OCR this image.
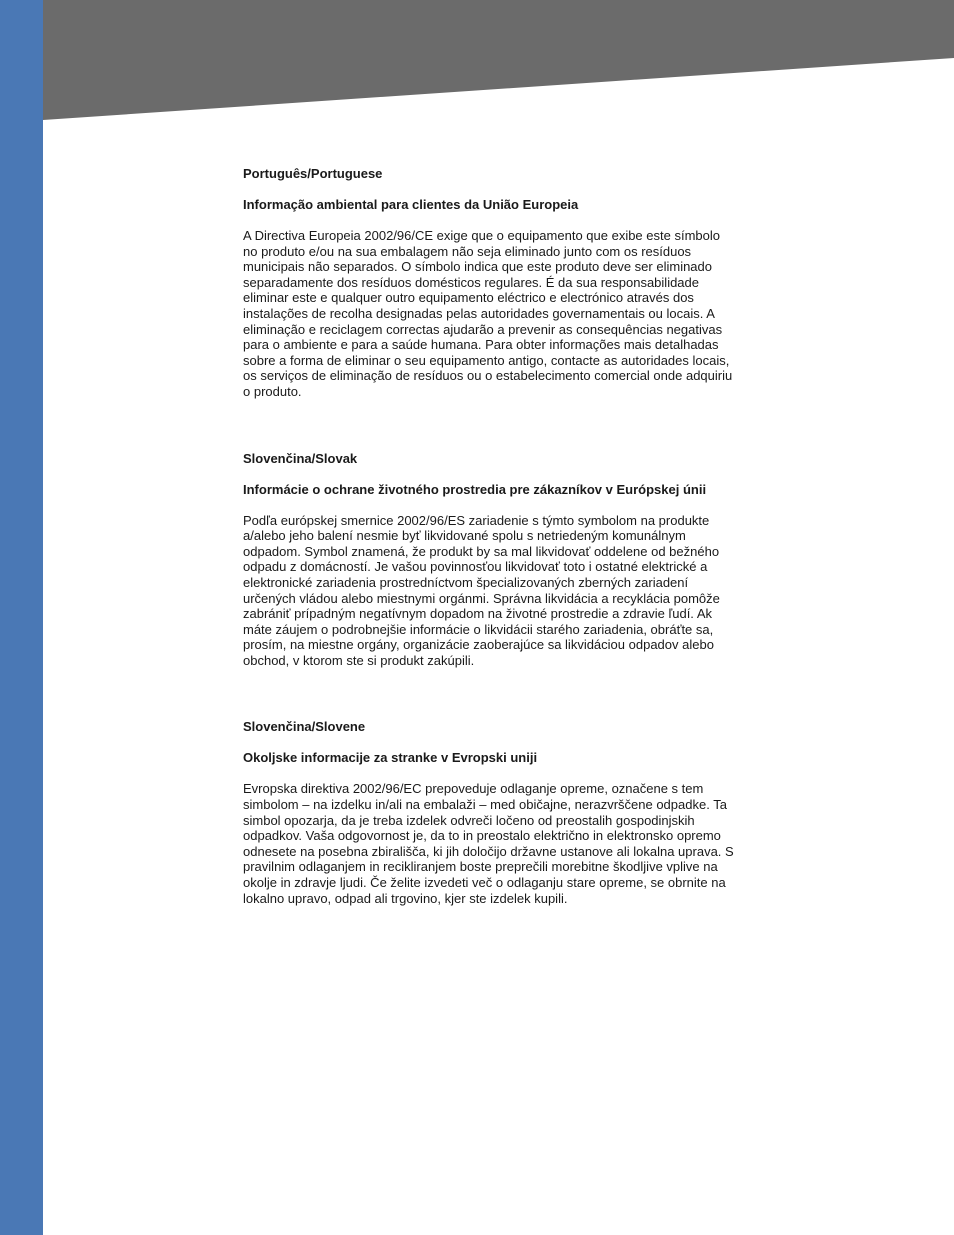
Português/Portuguese

Informação ambiental para clientes da União Europeia

A Directiva Europeia 2002/96/CE exige que o equipamento que exibe este símbolo no produto e/ou na sua embalagem não seja eliminado junto com os resíduos municipais não separados. O símbolo indica que este produto deve ser eliminado separadamente dos resíduos domésticos regulares. É da sua responsabilidade eliminar este e qualquer outro equipamento eléctrico e electrónico através dos instalações de recolha designadas pelas autoridades governamentais ou locais. A eliminação e reciclagem correctas ajudarão a prevenir as consequências negativas para o ambiente e para a saúde humana. Para obter informações mais detalhadas sobre a forma de eliminar o seu equipamento antigo, contacte as autoridades locais, os serviços de eliminação de resíduos ou o estabelecimento comercial onde adquiriu o produto.

Slovenčina/Slovak

Informácie o ochrane životného prostredia pre zákazníkov v Európskej únii

Podľa európskej smernice 2002/96/ES zariadenie s týmto symbolom na produkte a/alebo jeho balení nesmie byť likvidované spolu s netriedeným komunálnym odpadom. Symbol znamená, že produkt by sa mal likvidovať oddelene od bežného odpadu z domácností. Je vašou povinnosťou likvidovať toto i ostatné elektrické a elektronické zariadenia prostredníctvom špecializovaných zberných zariadení určených vládou alebo miestnymi orgánmi. Správna likvidácia a recyklácia pomôže zabrániť prípadným negatívnym dopadom na životné prostredie a zdravie ľudí. Ak máte záujem o podrobnejšie informácie o likvidácii starého zariadenia, obráťte sa, prosím, na miestne orgány, organizácie zaoberajúce sa likvidáciou odpadov alebo obchod, v ktorom ste si produkt zakúpili.

Slovenčina/Slovene

Okoljske informacije za stranke v Evropski uniji

Evropska direktiva 2002/96/EC prepoveduje odlaganje opreme, označene s tem simbolom – na izdelku in/ali na embalaži – med običajne, nerazvrščene odpadke. Ta simbol opozarja, da je treba izdelek odvreči ločeno od preostalih gospodinjskih odpadkov. Vaša odgovornost je, da to in preostalo električno in elektronsko opremo odnesete na posebna zbirališča, ki jih določijo državne ustanove ali lokalna uprava. S pravilnim odlaganjem in recikliranjem boste preprečili morebitne škodljive vplive na okolje in zdravje ljudi. Če želite izvedeti več o odlaganju stare opreme, se obrnite na lokalno upravo, odpad ali trgovino, kjer ste izdelek kupili.
